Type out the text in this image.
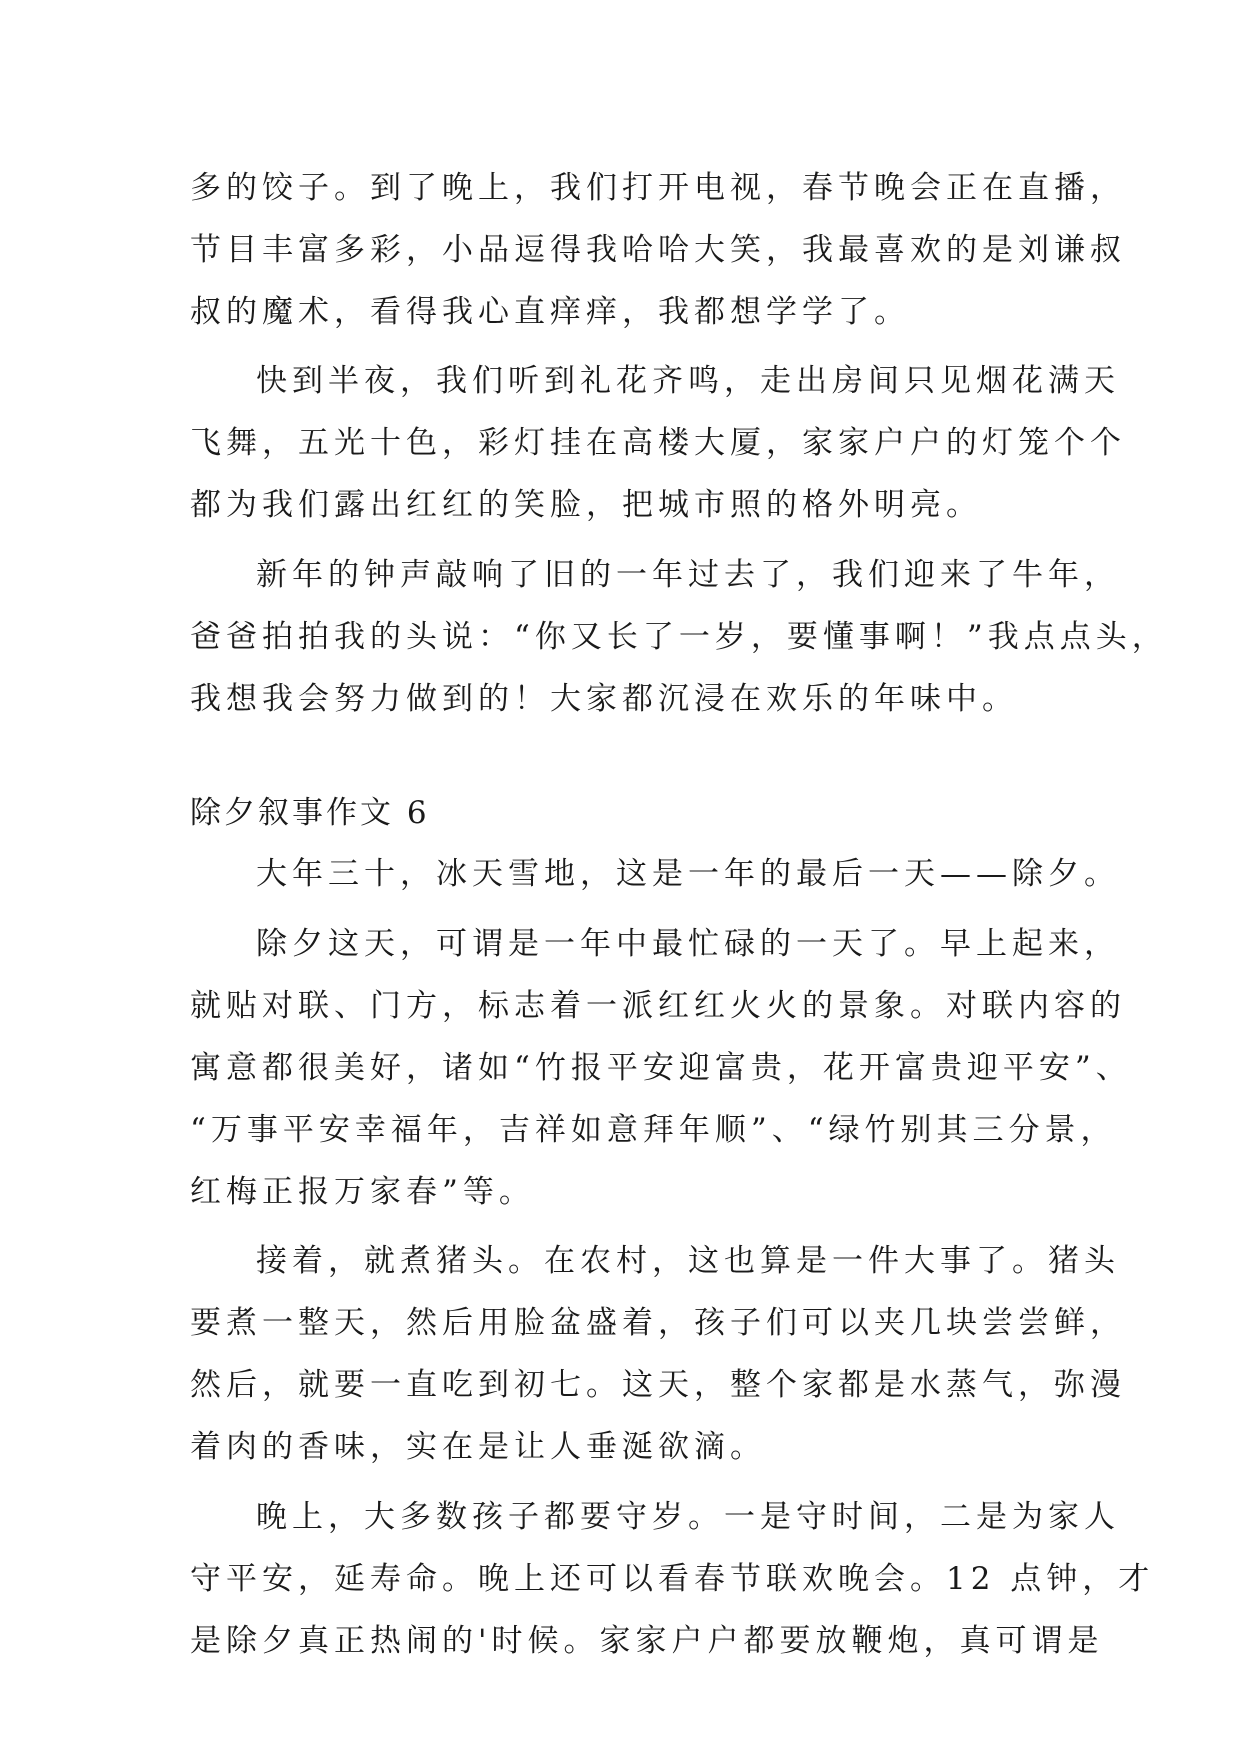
多的饺子。到了晚上，我们打开电视，春节晚会正在直播，
节目丰富多彩，小品逗得我哈哈大笑，我最喜欢的是刘谦叔
叔的魔术，看得我心直痒痒，我都想学学了。
快到半夜，我们听到礼花齐鸣，走出房间只见烟花满天
飞舞，五光十色，彩灯挂在高楼大厦，家家户户的灯笼个个
都为我们露出红红的笑脸，把城市照的格外明亮。
新年的钟声敲响了旧的一年过去了，我们迎来了牛年，
爸爸拍拍我的头说：“你又长了一岁，要懂事啊！”我点点头，
我想我会努力做到的！大家都沉浸在欢乐的年味中。
除夕叙事作文 6
大年三十，冰天雪地，这是一年的最后一天——除夕。
除夕这天，可谓是一年中最忙碌的一天了。早上起来，
就贴对联、门方，标志着一派红红火火的景象。对联内容的
寓意都很美好，诸如“竹报平安迎富贵，花开富贵迎平安”、
“万事平安幸福年，吉祥如意拜年顺”、“绿竹别其三分景，
红梅正报万家春”等。
接着，就煮猪头。在农村，这也算是一件大事了。猪头
要煮一整天，然后用脸盆盛着，孩子们可以夹几块尝尝鲜，
然后，就要一直吃到初七。这天，整个家都是水蒸气，弥漫
着肉的香味，实在是让人垂涎欲滴。
晚上，大多数孩子都要守岁。一是守时间，二是为家人
守平安，延寿命。晚上还可以看春节联欢晚会。12 点钟，才
是除夕真正热闹的'时候。家家户户都要放鞭炮，真可谓是
